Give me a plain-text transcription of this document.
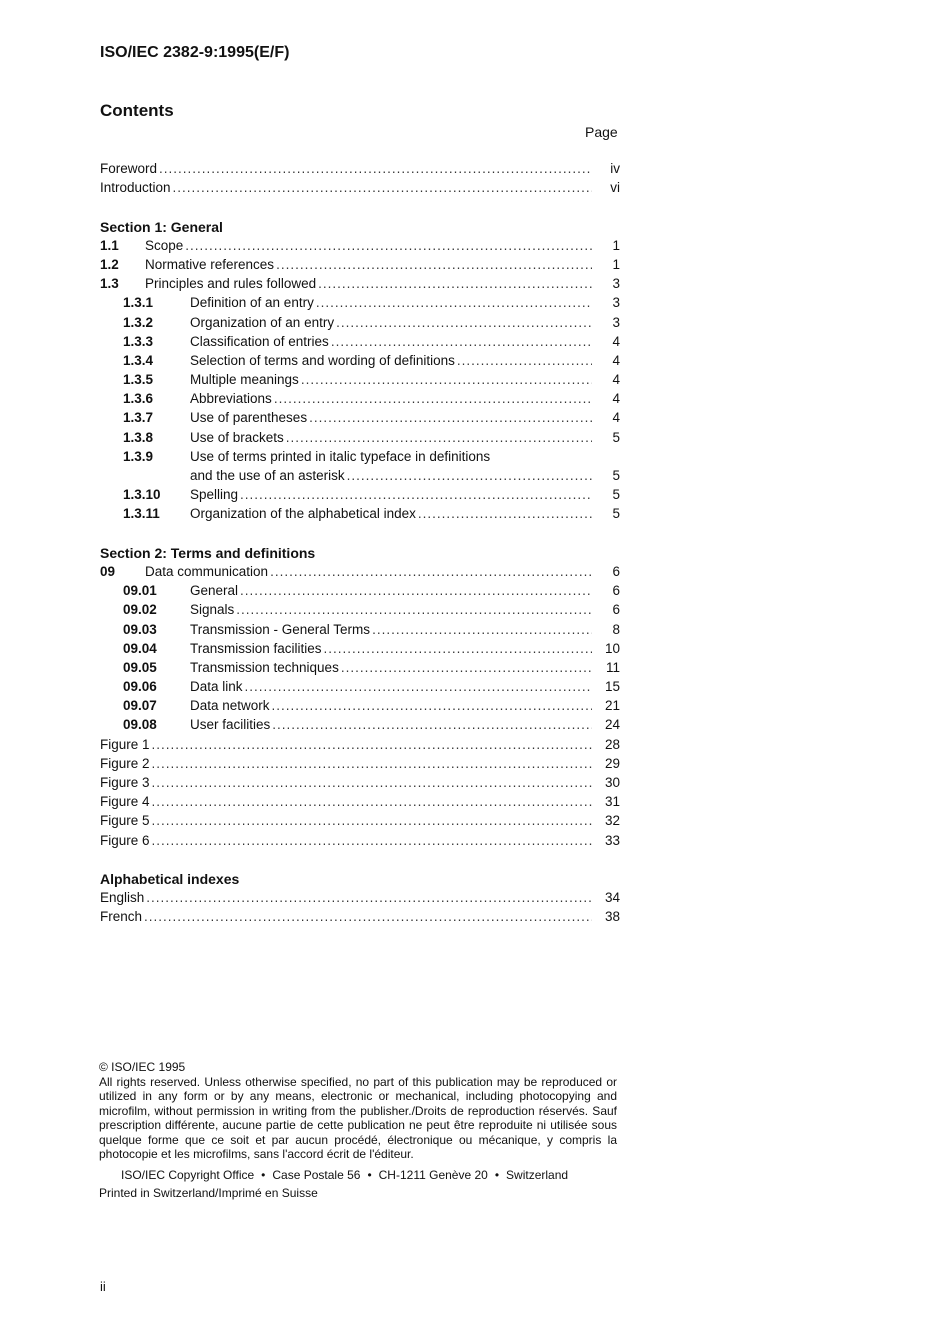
ISO/IEC 2382-9:1995(E/F)
Contents
Page
Foreword .....	iv
Introduction .....	vi
Section 1: General
1.1	Scope .....	1
1.2	Normative references .....	1
1.3	Principles and rules followed .....	3
1.3.1	Definition of an entry .....	3
1.3.2	Organization of an entry .....	3
1.3.3	Classification of entries .....	4
1.3.4	Selection of terms and wording of definitions .....	4
1.3.5	Multiple meanings .....	4
1.3.6	Abbreviations .....	4
1.3.7	Use of parentheses .....	4
1.3.8	Use of brackets .....	5
1.3.9	Use of terms printed in italic typeface in definitions
and the use of an asterisk .....	5
1.3.10	Spelling .....	5
1.3.11	Organization of the alphabetical index .....	5
Section 2: Terms and definitions
09	Data communication .....	6
09.01	General .....	6
09.02	Signals .....	6
09.03	Transmission - General Terms .....	8
09.04	Transmission facilities .....	10
09.05	Transmission techniques .....	11
09.06	Data link .....	15
09.07	Data network .....	21
09.08	User facilities .....	24
Figure 1 .....	28
Figure 2 .....	29
Figure 3 .....	30
Figure 4 .....	31
Figure 5 .....	32
Figure 6 .....	33
Alphabetical indexes
English .....	34
French .....	38

© ISO/IEC 1995

All rights reserved. Unless otherwise specified, no part of this publication may be reproduced or utilized in any form or by any means, electronic or mechanical, including photocopying and microfilm, without permission in writing from the publisher./Droits de reproduction réservés. Sauf prescription différente, aucune partie de cette publication ne peut être reproduite ni utilisée sous quelque forme que ce soit et par aucun procédé, électronique ou mécanique, y compris la photocopie et les microfilms, sans l'accord écrit de l'éditeur.

ISO/IEC Copyright Office • Case Postale 56 • CH-1211 Genève 20 • Switzerland

Printed in Switzerland/Imprimé en Suisse

ii
